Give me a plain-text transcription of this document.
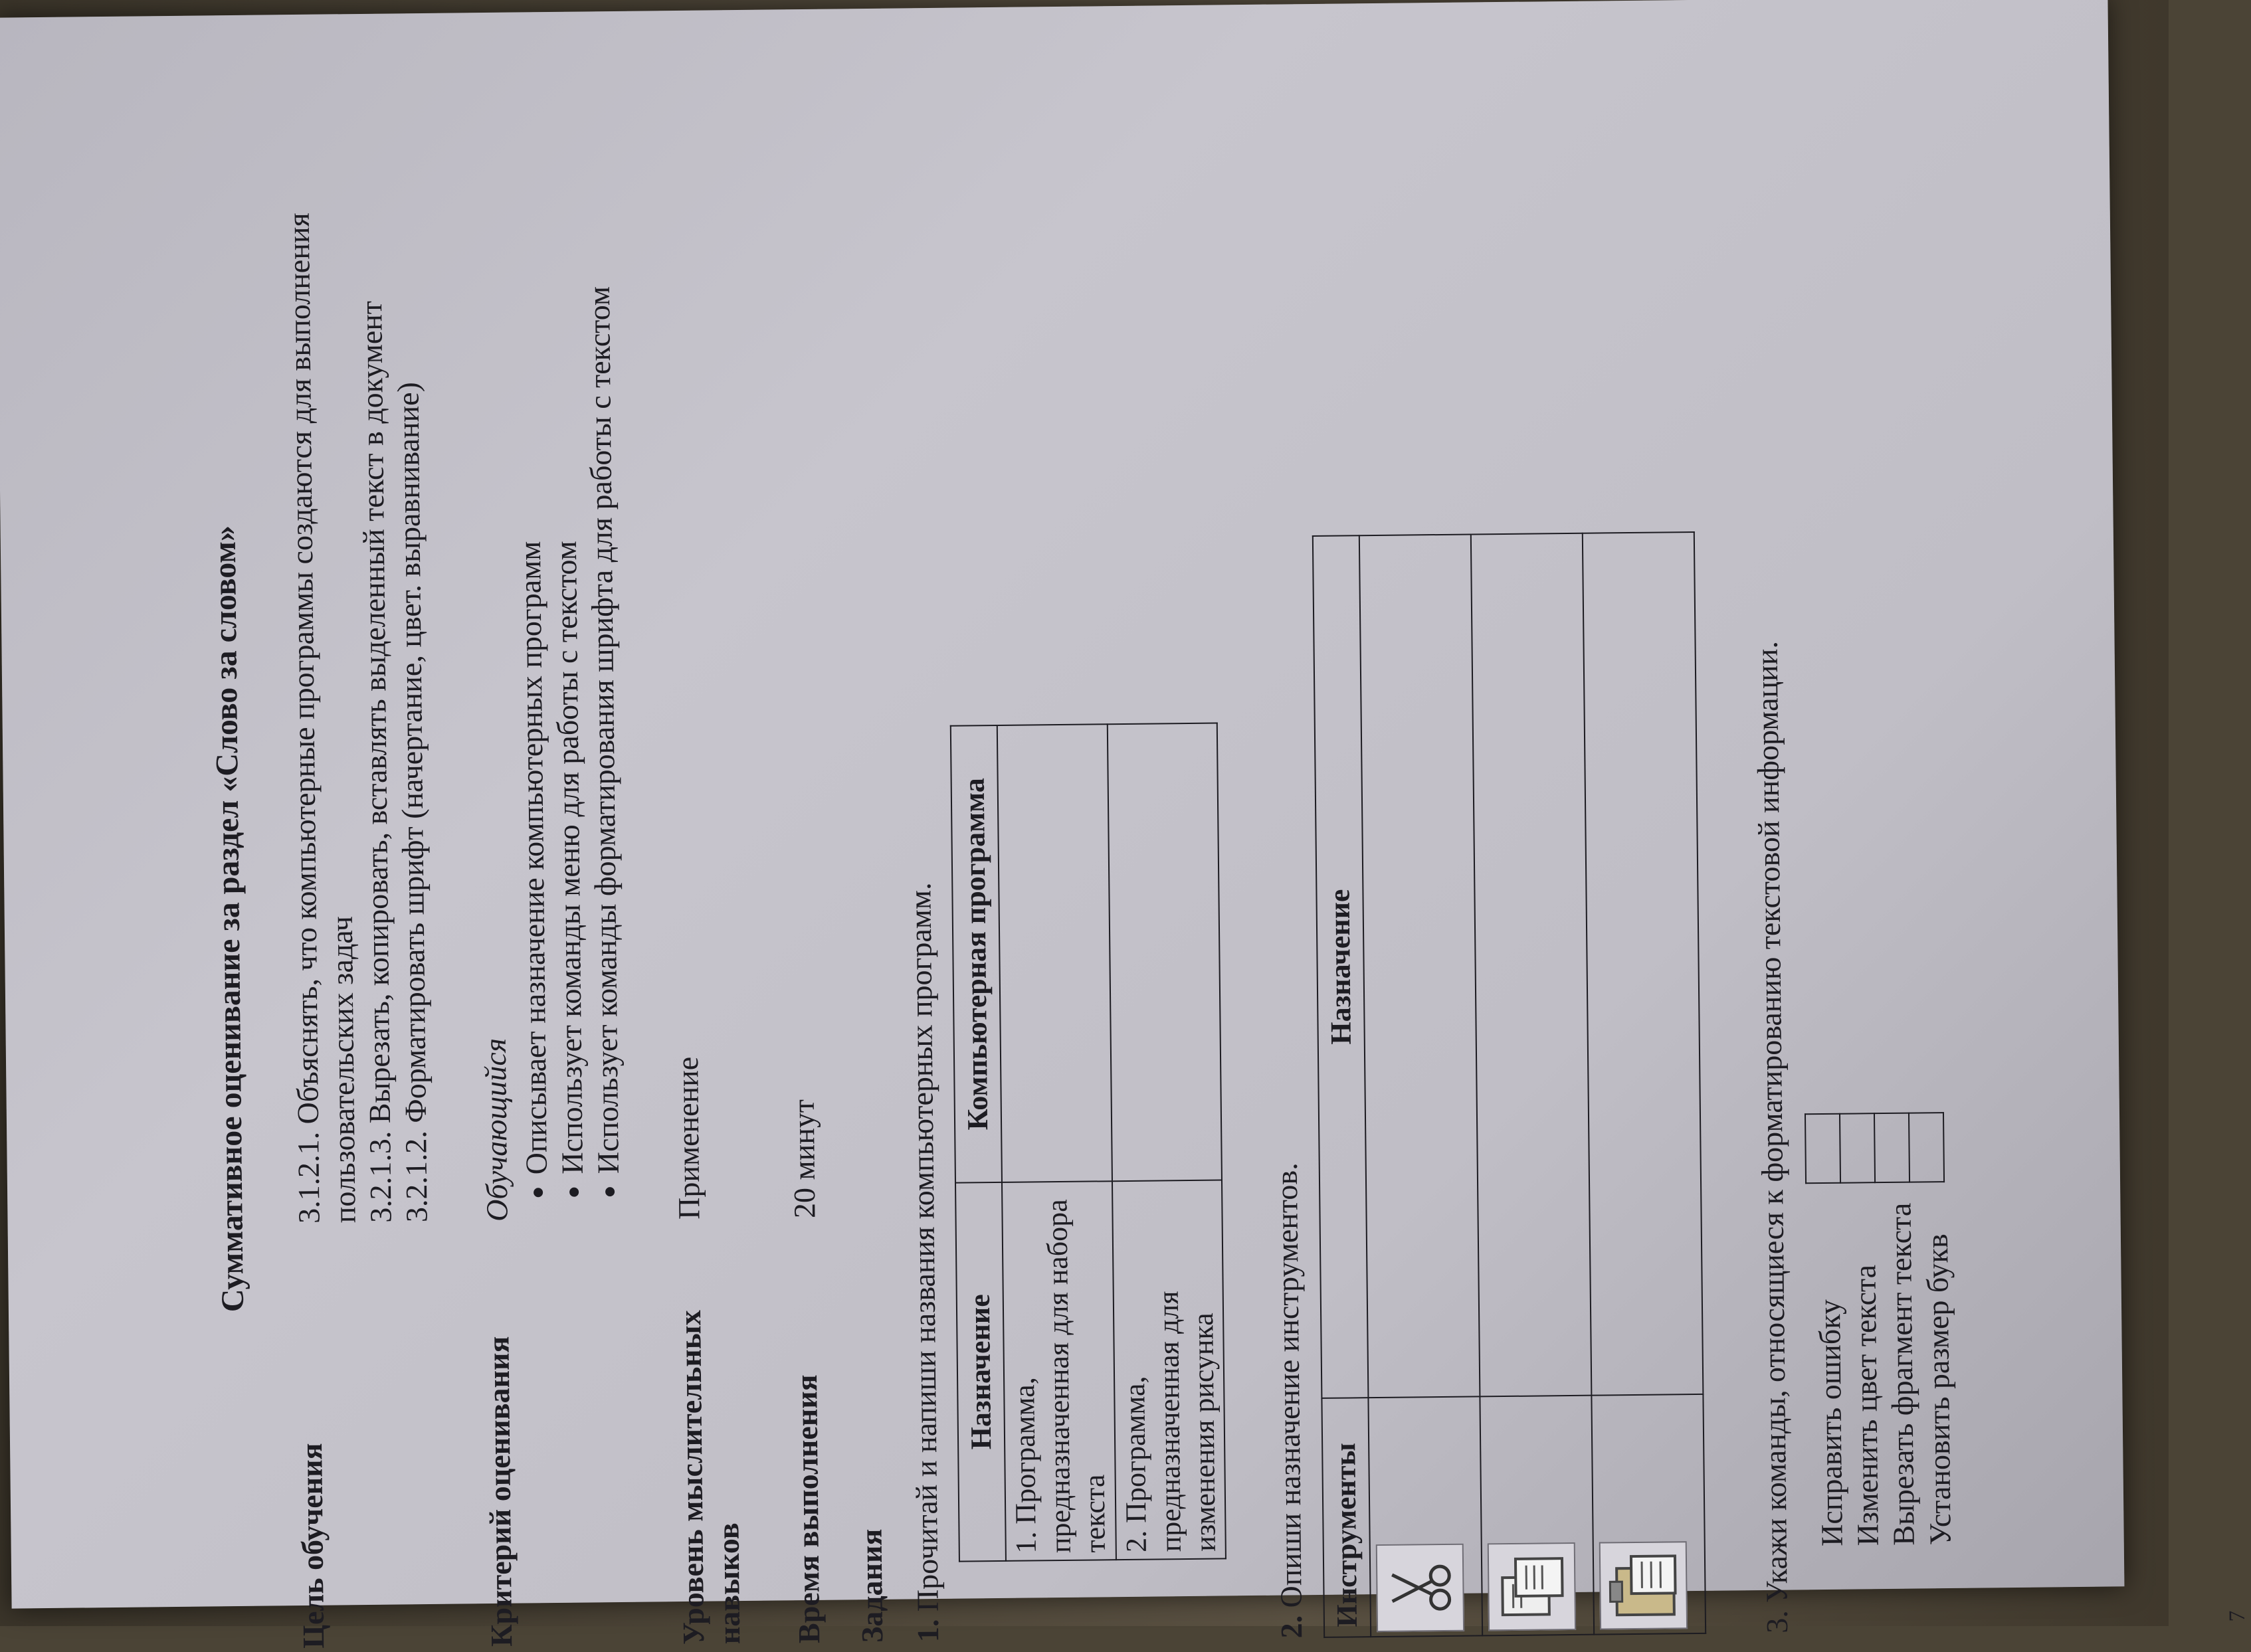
Суммативное оценивание за раздел «Слово за словом»
Цель обучения

3.1.2.1. Объяснять, что компьютерные программы создаются для выполнения пользовательских задач

3.2.1.3. Вырезать, копировать, вставлять выделенный текст в документ

3.2.1.2. Форматировать шрифт (начертание, цвет. выравнивание)

Критерий оценивания

Обучающийся

• Описывает назначение компьютерных программ
• Использует команды меню для работы с текстом
• Использует команды форматирования шрифта для работы с текстом
Уровень мыслительных навыков
Применение
Время выполнения
20 минут
Задания 1. Прочитай и напиши названия компьютерных программ. Назначение	Компьютерная программа
1. Программа, предназначенная для набора текста	
2. Программа, предназначенная для изменения рисунка	
2. Опиши назначение инструментов. Инструменты	Назначение

		3. Укажи команды, относящиеся к форматированию текстовой информации. Исправить ошибку

Изменить цвет текста

Вырезать фрагмент текста

Установить размер букв

7
